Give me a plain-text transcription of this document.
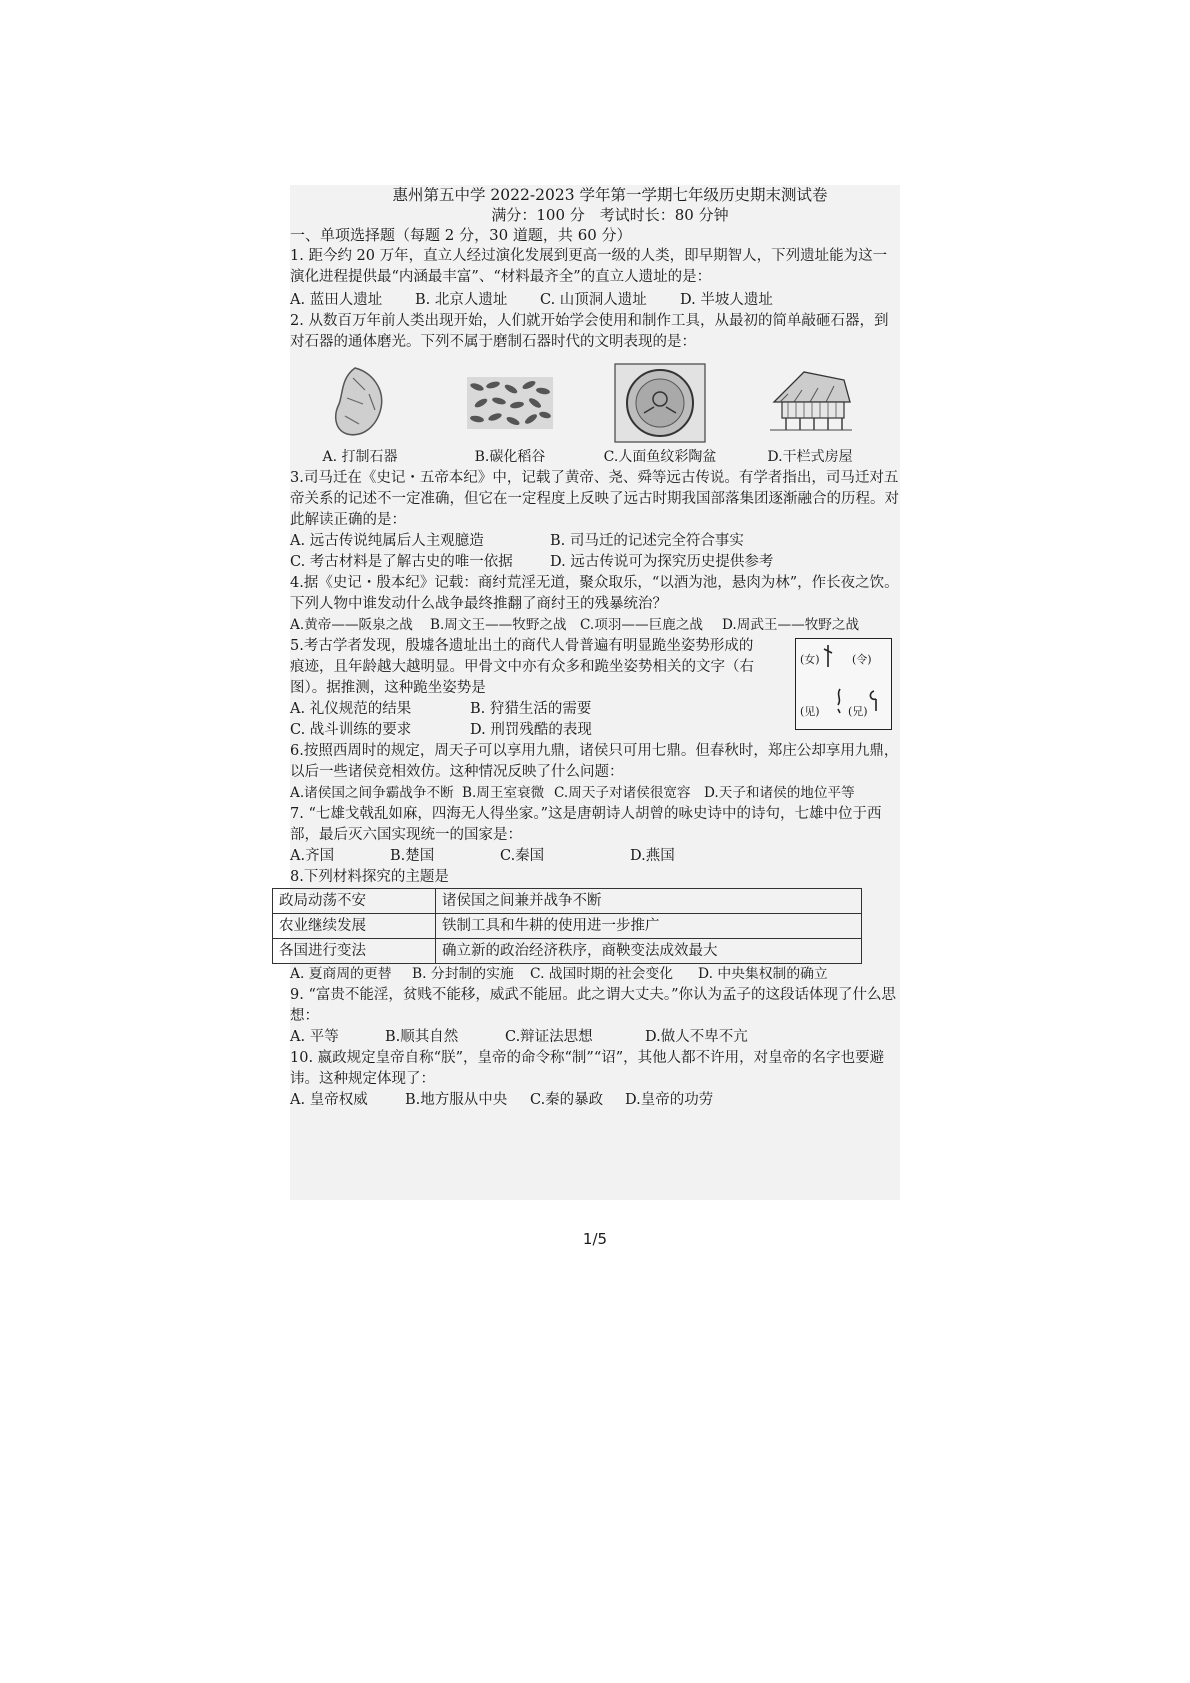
惠州第五中学 2022-2023 学年第一学期七年级历史期末测试卷

满分：100 分　考试时长：80 分钟

一、单项选择题（每题 2 分，30 道题，共 60 分）

1. 距今约 20 万年，直立人经过演化发展到更高一级的人类，即早期智人，下列遗址能为这一演化进程提供最“内涵最丰富”、“材料最齐全”的直立人遗址的是：

A. 蓝田人遗址	B. 北京人遗址	C. 山顶洞人遗址	D. 半坡人遗址

2. 从数百万年前人类出现开始，人们就开始学会使用和制作工具，从最初的简单敲砸石器，到对石器的通体磨光。下列不属于磨制石器时代的文明表现的是：

A. 打制石器	B.碳化稻谷	C.人面鱼纹彩陶盆	D.干栏式房屋

3.司马迁在《史记・五帝本纪》中，记载了黄帝、尧、舜等远古传说。有学者指出，司马迁对五帝关系的记述不一定准确，但它在一定程度上反映了远古时期我国部落集团逐渐融合的历程。对此解读正确的是：

A. 远古传说纯属后人主观臆造	B. 司马迁的记述完全符合事实
C. 考古材料是了解古史的唯一依据	D. 远古传说可为探究历史提供参考

4.据《史记・殷本纪》记载：商纣荒淫无道，聚众取乐，“以酒为池，悬肉为林”，作长夜之饮。下列人物中谁发动什么战争最终推翻了商纣王的残暴统治？

A.黄帝——阪泉之战	B.周文王——牧野之战 C.项羽——巨鹿之战	D.周武王——牧野之战

5.考古学者发现，殷墟各遗址出土的商代人骨普遍有明显跪坐姿势形成的痕迹，且年龄越大越明显。甲骨文中亦有众多和跪坐姿势相关的文字（右图）。据推测，这种跪坐姿势是

A. 礼仪规范的结果	B. 狩猎生活的需要
C. 战斗训练的要求	D. 刑罚残酷的表现
(女)	(令)
(见)	(兄)

6.按照西周时的规定，周天子可以享用九鼎，诸侯只可用七鼎。但春秋时，郑庄公却享用九鼎，以后一些诸侯竞相效仿。这种情况反映了什么问题：

A.诸侯国之间争霸战争不断 B.周王室衰微 C.周天子对诸侯很宽容 D.天子和诸侯的地位平等

7. “七雄戈戟乱如麻，四海无人得坐家。”这是唐朝诗人胡曾的咏史诗中的诗句，七雄中位于西部，最后灭六国实现统一的国家是：

A.齐国	B.楚国	C.秦国	D.燕国

8.下列材料探究的主题是

政局动荡不安	诸侯国之间兼并战争不断
农业继续发展	铁制工具和牛耕的使用进一步推广
各国进行变法	确立新的政治经济秩序，商鞅变法成效最大
A. 夏商周的更替	B. 分封制的实施	C. 战国时期的社会变化	D. 中央集权制的确立

9. “富贵不能淫，贫贱不能移，威武不能屈。此之谓大丈夫。”你认为孟子的这段话体现了什么思想：

A. 平等	B.顺其自然	C.辩证法思想	D.做人不卑不亢

10. 嬴政规定皇帝自称“朕”，皇帝的命令称“制”“诏”，其他人都不许用，对皇帝的名字也要避讳。这种规定体现了：

A. 皇帝权威	B.地方服从中央	C.秦的暴政	D.皇帝的功劳
1/5
